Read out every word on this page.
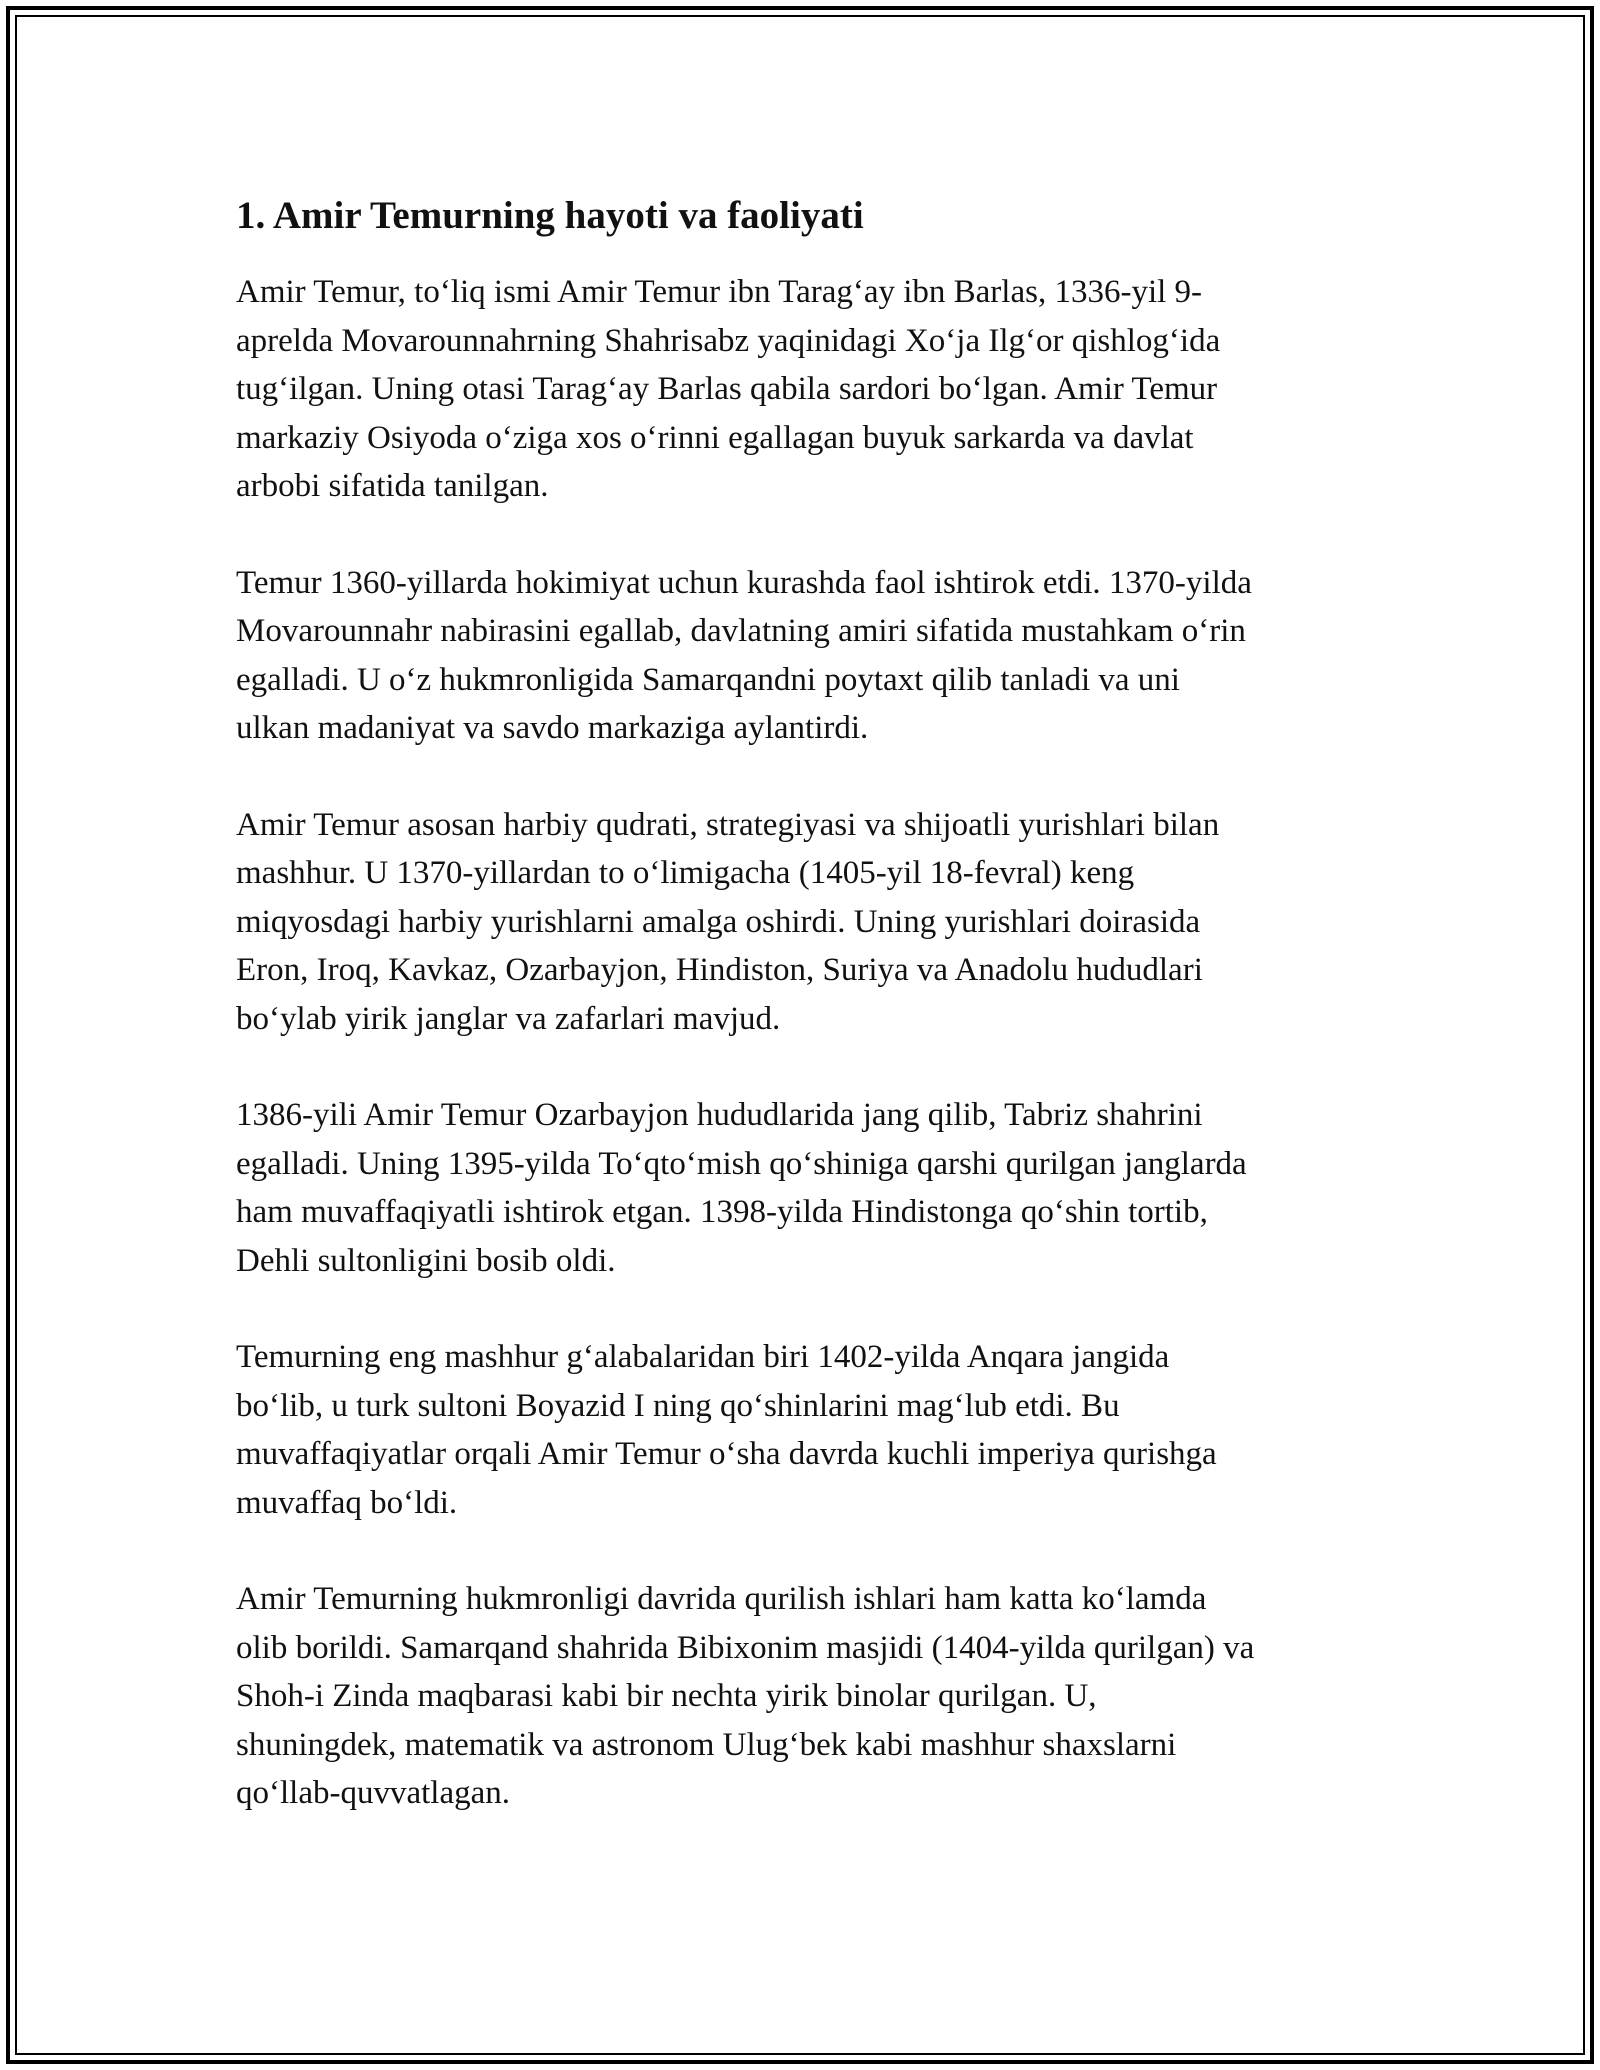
1. Amir Temurning hayoti va faoliyati

Amir Temur, to‘liq ismi Amir Temur ibn Tarag‘ay ibn Barlas, 1336-yil 9-
aprelda Movarounnahrning Shahrisabz yaqinidagi Xo‘ja Ilg‘or qishlog‘ida
tug‘ilgan. Uning otasi Tarag‘ay Barlas qabila sardori bo‘lgan. Amir Temur
markaziy Osiyoda o‘ziga xos o‘rinni egallagan buyuk sarkarda va davlat
arbobi sifatida tanilgan.

Temur 1360-yillarda hokimiyat uchun kurashda faol ishtirok etdi. 1370-yilda
Movarounnahr nabirasini egallab, davlatning amiri sifatida mustahkam o‘rin
egalladi. U o‘z hukmronligida Samarqandni poytaxt qilib tanladi va uni
ulkan madaniyat va savdo markaziga aylantirdi.

Amir Temur asosan harbiy qudrati, strategiyasi va shijoatli yurishlari bilan
mashhur. U 1370-yillardan to o‘limigacha (1405-yil 18-fevral) keng
miqyosdagi harbiy yurishlarni amalga oshirdi. Uning yurishlari doirasida
Eron, Iroq, Kavkaz, Ozarbayjon, Hindiston, Suriya va Anadolu hududlari
bo‘ylab yirik janglar va zafarlari mavjud.

1386-yili Amir Temur Ozarbayjon hududlarida jang qilib, Tabriz shahrini
egalladi. Uning 1395-yilda To‘qto‘mish qo‘shiniga qarshi qurilgan janglarda
ham muvaffaqiyatli ishtirok etgan. 1398-yilda Hindistonga qo‘shin tortib,
Dehli sultonligini bosib oldi.

Temurning eng mashhur g‘alabalaridan biri 1402-yilda Anqara jangida
bo‘lib, u turk sultoni Boyazid I ning qo‘shinlarini mag‘lub etdi. Bu
muvaffaqiyatlar orqali Amir Temur o‘sha davrda kuchli imperiya qurishga
muvaffaq bo‘ldi.

Amir Temurning hukmronligi davrida qurilish ishlari ham katta ko‘lamda
olib borildi. Samarqand shahrida Bibixonim masjidi (1404-yilda qurilgan) va
Shoh-i Zinda maqbarasi kabi bir nechta yirik binolar qurilgan. U,
shuningdek, matematik va astronom Ulug‘bek kabi mashhur shaxslarni
qo‘llab-quvvatlagan.
